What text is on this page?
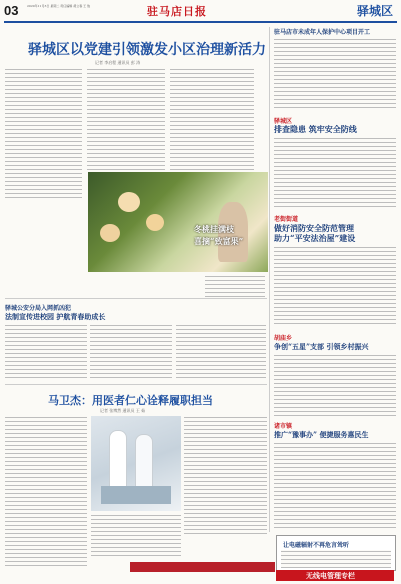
03	2020年11月3日 星期二 责任编辑 胡立春 王 俊	驻马店日报	驿城区
驿城区以党建引领激发小区治理新活力
记者 李启程 通讯员 彭 涛
冬桃挂满枝
喜摘“致富果”
驻马店市未成年人保护中心项目开工
驿城区
排查隐患 筑牢安全防线
老街街道
做好消防安全防范管理
助力“平安法治屋”建设
胡庙乡
争创“五星”支部 引领乡村振兴
诸市镇
推广“豫事办” 便捷服务惠民生
驿城公安分局入网抓凶犯
法制宣传进校园 护航青春助成长
马卫杰：用医者仁心诠释履职担当
记者 张博然 通讯员 王 茹
让电磁辐射不再危言耸听
无线电管理专栏
